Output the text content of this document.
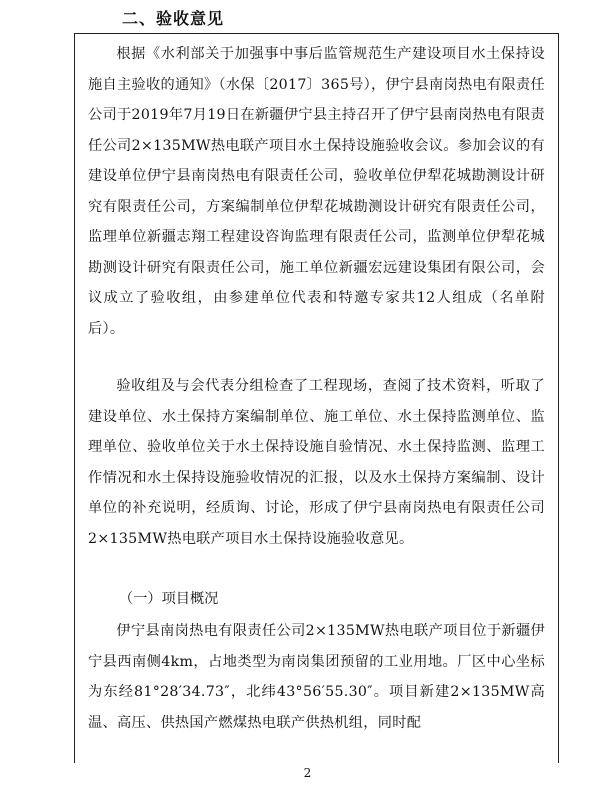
二、验收意见

根据《水利部关于加强事中事后监管规范生产建设项目水土保持设施自主验收的通知》（水保〔2017〕365号），伊宁县南岗热电有限责任公司于2019年7月19日在新疆伊宁县主持召开了伊宁县南岗热电有限责任公司2×135MW热电联产项目水土保持设施验收会议。参加会议的有建设单位伊宁县南岗热电有限责任公司，验收单位伊犁花城勘测设计研究有限责任公司，方案编制单位伊犁花城勘测设计研究有限责任公司，监理单位新疆志翔工程建设咨询监理有限责任公司，监测单位伊犁花城勘测设计研究有限责任公司，施工单位新疆宏远建设集团有限公司，会议成立了验收组，由参建单位代表和特邀专家共12人组成（名单附后）。

验收组及与会代表分组检查了工程现场，查阅了技术资料，听取了建设单位、水土保持方案编制单位、施工单位、水土保持监测单位、监理单位、验收单位关于水土保持设施自验情况、水土保持监测、监理工作情况和水土保持设施验收情况的汇报，以及水土保持方案编制、设计单位的补充说明，经质询、讨论，形成了伊宁县南岗热电有限责任公司2×135MW热电联产项目水土保持设施验收意见。

（一）项目概况

伊宁县南岗热电有限责任公司2×135MW热电联产项目位于新疆伊宁县西南侧4km，占地类型为南岗集团预留的工业用地。厂区中心坐标为东经81°28′34.73″，北纬43°56′55.30″。项目新建2×135MW高温、高压、供热国产燃煤热电联产供热机组，同时配

2
